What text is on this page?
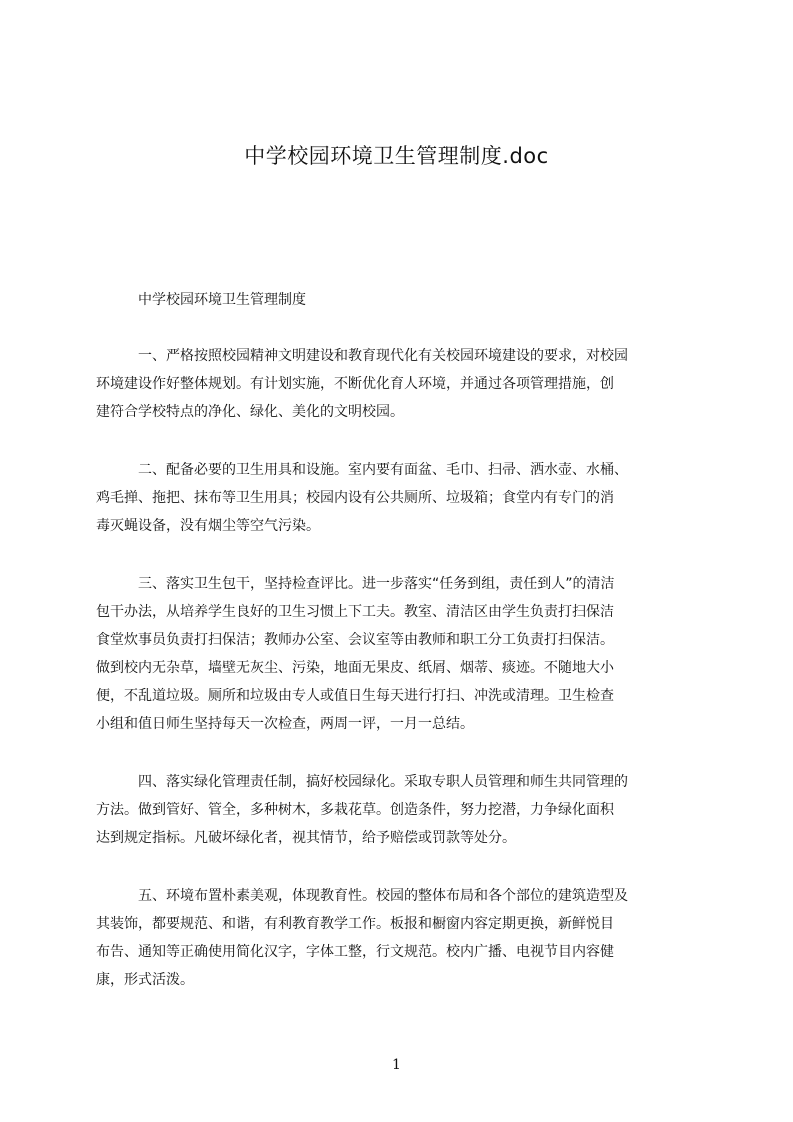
中学校园环境卫生管理制度.doc

中学校园环境卫生管理制度

一、严格按照校园精神文明建设和教育现代化有关校园环境建设的要求，对校园
环境建设作好整体规划。有计划实施，不断优化育人环境，并通过各项管理措施，创
建符合学校特点的净化、绿化、美化的文明校园。
二、配备必要的卫生用具和设施。室内要有面盆、毛巾、扫帚、洒水壶、水桶、
鸡毛掸、拖把、抹布等卫生用具；校园内设有公共厕所、垃圾箱；食堂内有专门的消
毒灭蝇设备，没有烟尘等空气污染。
三、落实卫生包干，坚持检查评比。进一步落实“任务到组，责任到人”的清洁
包干办法，从培养学生良好的卫生习惯上下工夫。教室、清洁区由学生负责打扫保洁
食堂炊事员负责打扫保洁；教师办公室、会议室等由教师和职工分工负责打扫保洁。
做到校内无杂草，墙壁无灰尘、污染，地面无果皮、纸屑、烟蒂、痰迹。不随地大小
便，不乱道垃圾。厕所和垃圾由专人或值日生每天进行打扫、冲洗或清理。卫生检查
小组和值日师生坚持每天一次检查，两周一评，一月一总结。
四、落实绿化管理责任制，搞好校园绿化。采取专职人员管理和师生共同管理的
方法。做到管好、管全，多种树木，多栽花草。创造条件，努力挖潜，力争绿化面积
达到规定指标。凡破坏绿化者，视其情节，给予赔偿或罚款等处分。
五、环境布置朴素美观，体现教育性。校园的整体布局和各个部位的建筑造型及
其装饰，都要规范、和谐，有利教育教学工作。板报和橱窗内容定期更换，新鲜悦目
布告、通知等正确使用简化汉字，字体工整，行文规范。校内广播、电视节目内容健
康，形式活泼。
1
